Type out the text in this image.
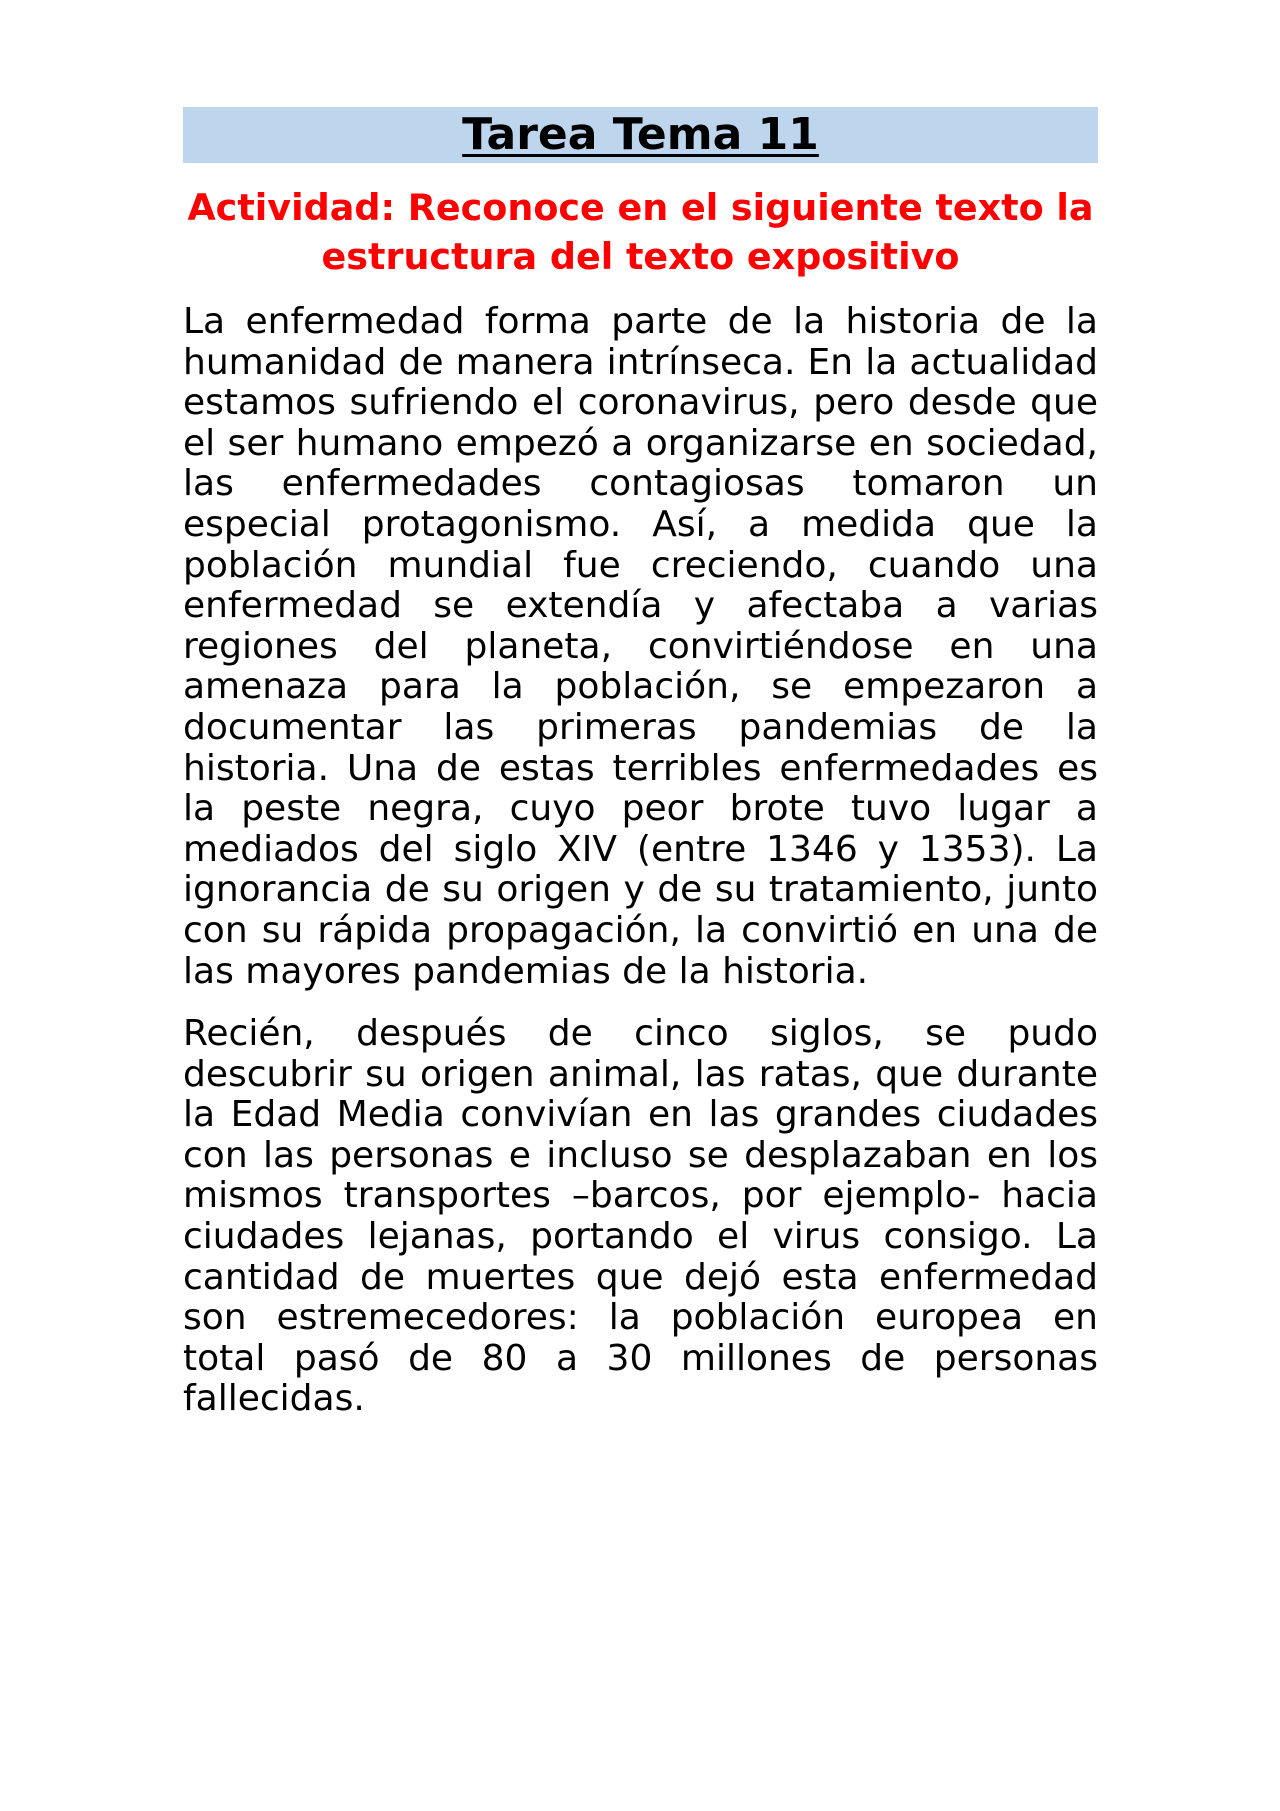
Tarea Tema 11
Actividad: Reconoce en el siguiente texto la estructura del texto expositivo

La enfermedad forma parte de la historia de la humanidad de manera intrínseca. En la actualidad estamos sufriendo el coronavirus, pero desde que el ser humano empezó a organizarse en sociedad, las enfermedades contagiosas tomaron un especial protagonismo. Así, a medida que la población mundial fue creciendo, cuando una enfermedad se extendía y afectaba a varias regiones del planeta, convirtiéndose en una amenaza para la población, se empezaron a documentar las primeras pandemias de la historia. Una de estas terribles enfermedades es la peste negra, cuyo peor brote tuvo lugar a mediados del siglo XIV (entre 1346 y 1353). La ignorancia de su origen y de su tratamiento, junto con su rápida propagación, la convirtió en una de las mayores pandemias de la historia.

Recién, después de cinco siglos, se pudo descubrir su origen animal, las ratas, que durante la Edad Media convivían en las grandes ciudades con las personas e incluso se desplazaban en los mismos transportes –barcos, por ejemplo- hacia ciudades lejanas, portando el virus consigo. La cantidad de muertes que dejó esta enfermedad son estremecedores: la población europea en total pasó de 80 a 30 millones de personas fallecidas.
